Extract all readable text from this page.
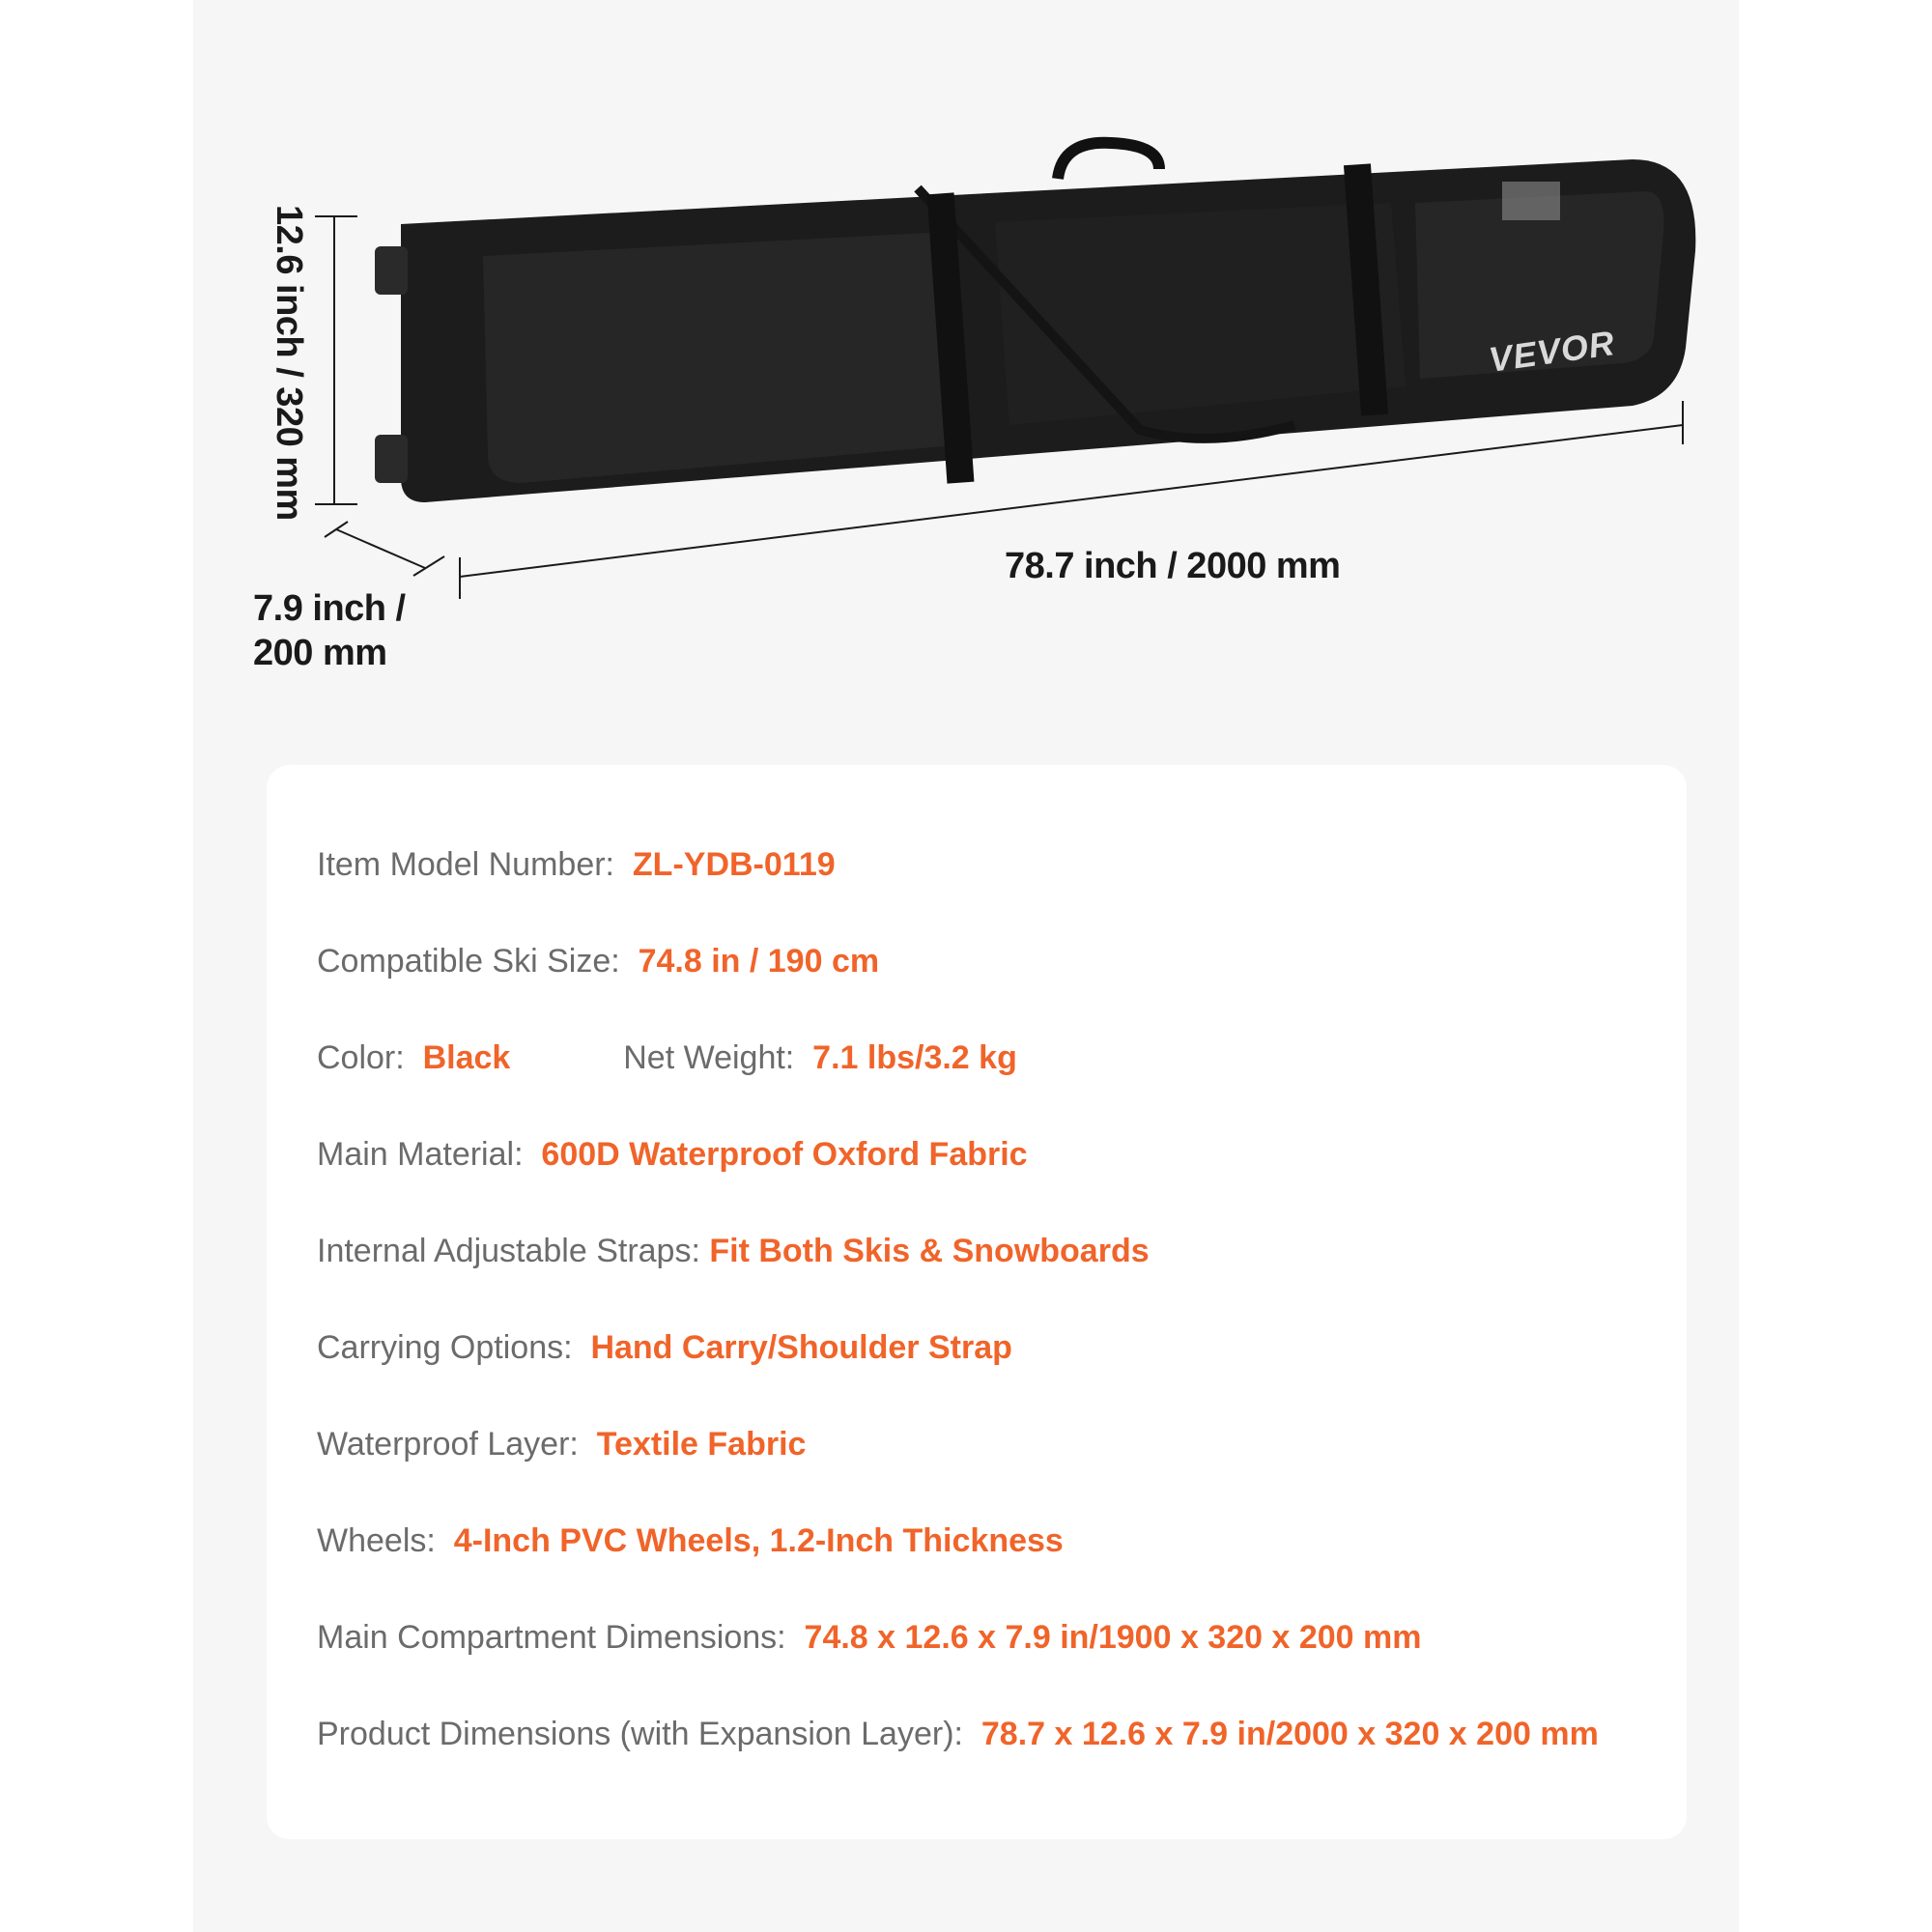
VEVOR
12.6 inch / 320 mm
7.9 inch /
200 mm
78.7 inch / 2000 mm
Item Model Number: ZL-YDB-0119
Compatible Ski Size: 74.8 in / 190 cm
Color: Black	Net Weight: 7.1 lbs/3.2 kg
Main Material: 600D Waterproof Oxford Fabric
Internal Adjustable Straps: Fit Both Skis & Snowboards
Carrying Options: Hand Carry/Shoulder Strap
Waterproof Layer: Textile Fabric
Wheels: 4-Inch PVC Wheels, 1.2-Inch Thickness
Main Compartment Dimensions: 74.8 x 12.6 x 7.9 in/1900 x 320 x 200 mm
Product Dimensions (with Expansion Layer): 78.7 x 12.6 x 7.9 in/2000 x 320 x 200 mm
